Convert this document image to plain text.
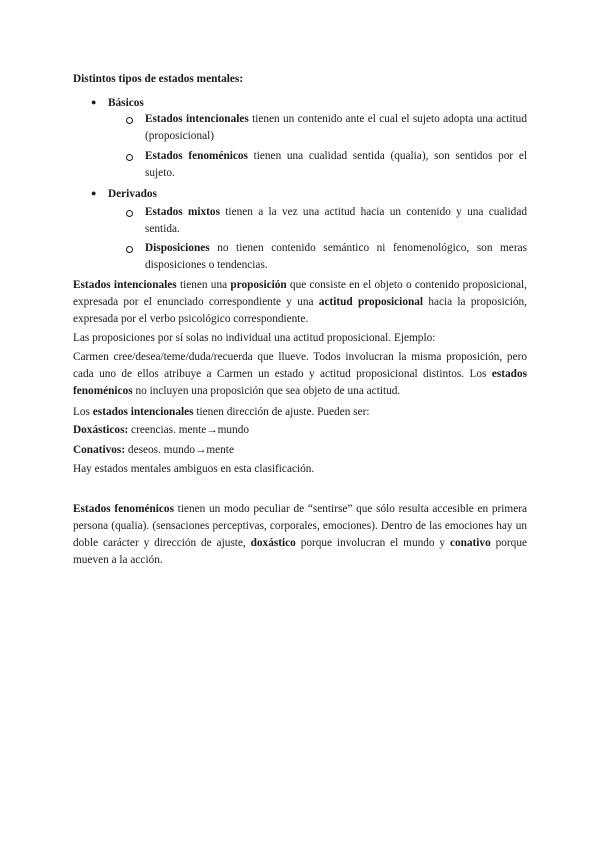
Distintos tipos de estados mentales:
● Básicos
Estados intencionales tienen un contenido ante el cual el sujeto adopta una actitud (proposicional)
Estados fenoménicos tienen una cualidad sentida (qualia), son sentidos por el sujeto.
● Derivados
Estados mixtos tienen a la vez una actitud hacia un contenido y una cualidad sentida.
Disposiciones no tienen contenido semántico ni fenomenológico, son meras disposiciones o tendencias.

Estados intencionales tienen una proposición que consiste en el objeto o contenido proposicional, expresada por el enunciado correspondiente y una actitud proposicional hacia la proposición, expresada por el verbo psicológico correspondiente.

Las proposiciones por sí solas no individual una actitud proposicional. Ejemplo:

Carmen cree/desea/teme/duda/recuerda que llueve. Todos involucran la misma proposición, pero cada uno de ellos atribuye a Carmen un estado y actitud proposicional distintos. Los estados fenoménicos no incluyen una proposición que sea objeto de una actitud.

Los estados intencionales tienen dirección de ajuste. Pueden ser:

Doxásticos: creencias. mente→mundo

Conativos: deseos. mundo→mente

Hay estados mentales ambiguos en esta clasificación.

Estados fenoménicos tienen un modo peculiar de “sentirse” que sólo resulta accesible en primera persona (qualia). (sensaciones perceptivas, corporales, emociones). Dentro de las emociones hay un doble carácter y dirección de ajuste, doxástico porque involucran el mundo y conativo porque mueven a la acción.
